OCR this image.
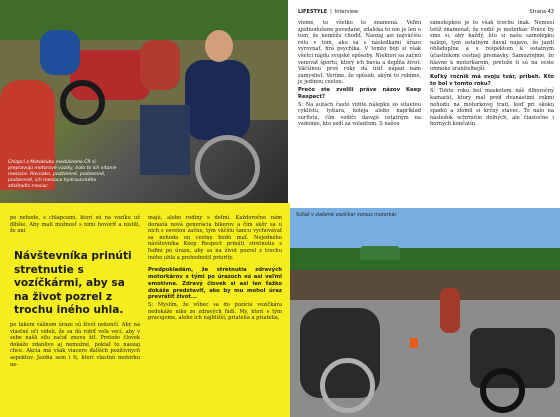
Chlapci z Motoklubu mediálneho ČR si prepravujú motorové vozíky, bolo to ich vítanie mesiace. Rovnako, podzemné, podzemné, podzemné, ich mesiaca hydraulického zdvíhadla mesiac.
LIFESTYLE | Interview	Strana 43

vieme, to všetko to znamená. Veľmi zjednodušene povedané, zdaleka to nie je len o tom, že nemôžu chodiť. Naozaj asi najväčšiu rolu v tom, ako sa s následkami úrazu vyrovnať, hrá psychika. V tomto boji si však všetci nájdu svojské spôsoby. Niektorí sa začnú venovať športu, ktorý ich bavia a dopĺňa život. Väčšinou prvé roky dá ušiť nápad nám zamyslieť. Veríme, že spôsob, akým to robíme, je jedinou cestou.

Prečo ste zvolili práve názov Keep Respect?

S: Na autách často vidíte nálepku so siluetou cyklistu, lyžiara, holeja alebo napríklad surfistu, čím vodiči dávajú ostatným na vedomie, kto sedí za volantom. S našou

samolepkou je to však trochu inak. Nemusí totiž znamenať, že vodič je motorkár. Práve by sme si, aby každý, kto si našu samolepku nalepí, tým ostatným dával najavo, že jazdí ohľaduplne a s rešpektom k ostatným účastníkom cestnej premávky. Samozrejme, že hlavne k motorkárom, pretože tí sú na ceste omnoho zraniteľnejší.

Koľký ročník má svoju tvár, príbeh. Kto to bol v tomto roku?

S: Tohto roku bol maskotom náš dlhoročný kamarát, ktorý mal pred dvanástimi rokmi nehodu na motorkovej trati, keď pri skoku spadol a zlomil si krčný stavec. To nalo na následok ochrnutie dolných, ale čiastočne i horných končatín.

po nehode, s chlapcami, ktorí sú na vozíku už dlhšie. Aby mali možnosť s nimi hovoriť a nistili, že ani

Návštevníka prinúti stretnutie s vozíčkármi, aby sa na život pozrel z trochu iného uhla.

po takom vážnom úraze sú život nekončí. Aby na vlastné oči videli, že sa dá robiť veľa vecí, aby v sebe našli silu začať znovu žiť. Pretože človek dokáže zdanlivo aj nemožné, pokiaľ to naozaj chce. Akcia má však viacero ďalších pozitívnych aspektov. Jazdia sem i ti, ktorí vlastnú motorku ne-

majú, alebo rodiny s deťmi. Každoročne nám dorastá nová generácia bikerov a čím skôr sa u nich s osvetou začne, tým väčšiu šancu vychovávať sa nehoda on cestne budú mať. Nejedného návštevníka Keep Respect prinúti stretnutie s ľuďmi po úraze, aby sa na život pozrel z trochu iného uhla a prehodnotil priority.

Predpokladám, že stretnutia zdravých motorkárov s tými po úrazoch sú asi veľmi emotívne. Zdravý človek si asi len ťažko dokáže predstaviť, ako by mu mohol úraz prevrátiť život...

S: Myslím, že vôbec sa do pozície vozíčkára nedokáže niko zo zdravých ľudí. My, ktorí s tým pracujeme, alebo ich najbližší, priatelia a priatelia,

Súťaž v slalome vozíčkar versus motorkár.
